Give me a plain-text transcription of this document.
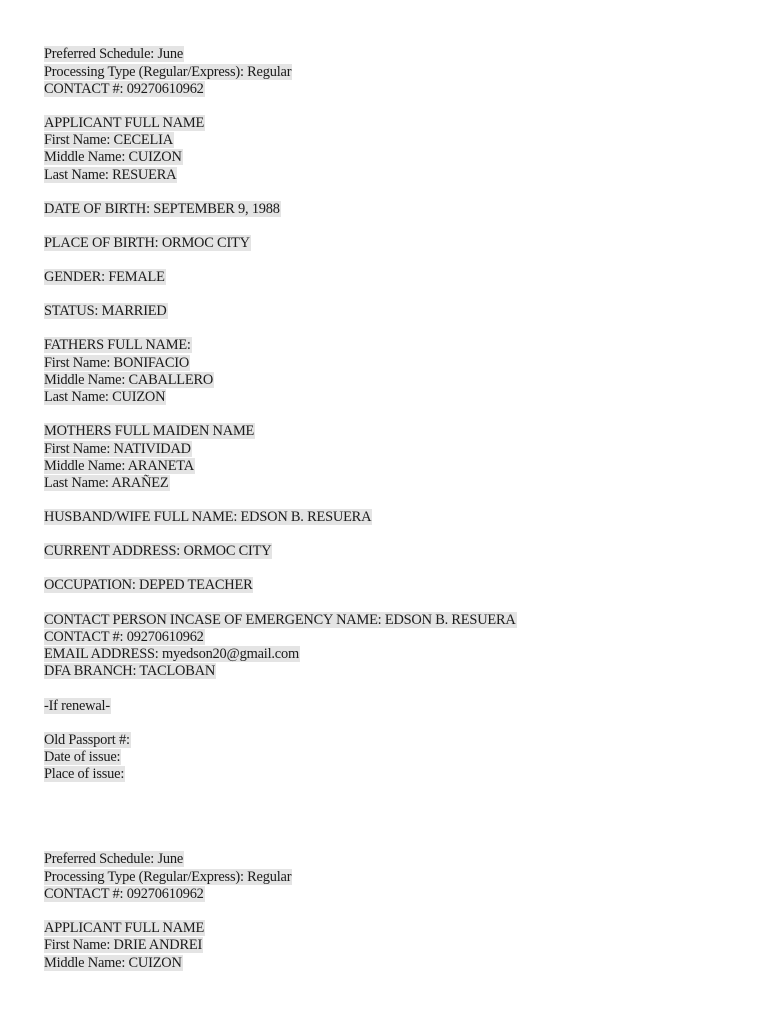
Preferred Schedule: June
Processing Type (Regular/Express): Regular
CONTACT #: 09270610962
APPLICANT FULL NAME
First Name: CECELIA
Middle Name: CUIZON
Last Name: RESUERA
DATE OF BIRTH: SEPTEMBER 9, 1988
PLACE OF BIRTH: ORMOC CITY
GENDER: FEMALE
STATUS: MARRIED
FATHERS FULL NAME:
First Name: BONIFACIO
Middle Name: CABALLERO
Last Name: CUIZON
MOTHERS FULL MAIDEN NAME
First Name: NATIVIDAD
Middle Name: ARANETA
Last Name: ARAÑEZ
HUSBAND/WIFE FULL NAME: EDSON B. RESUERA
CURRENT ADDRESS: ORMOC CITY
OCCUPATION: DEPED TEACHER
CONTACT PERSON INCASE OF EMERGENCY NAME: EDSON B. RESUERA
CONTACT #: 09270610962
EMAIL ADDRESS: myedson20@gmail.com
DFA BRANCH: TACLOBAN
-If renewal-
Old Passport #:
Date of issue:
Place of issue:
Preferred Schedule: June
Processing Type (Regular/Express): Regular
CONTACT #: 09270610962
APPLICANT FULL NAME
First Name: DRIE ANDREI
Middle Name: CUIZON
